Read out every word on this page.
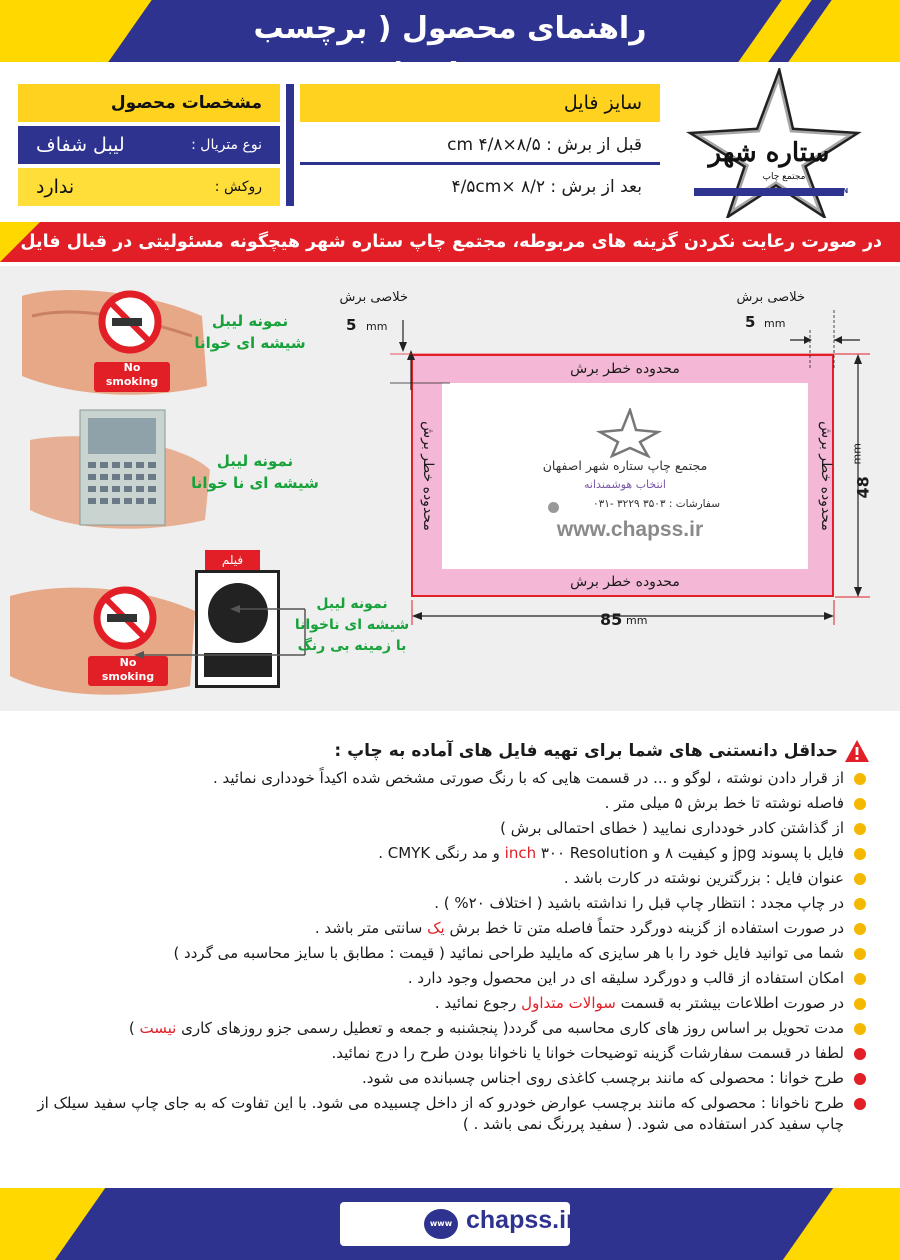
راهنمای محصول ( برچسب
مشخصات محصول
نوع متریال :
لیبل شفاف
روکش :
ندارد
سایز فایل
قبل از برش : ۸/۵×۴/۸ cm
بعد از برش : ۸/۲ ×۴/۵cm
ستاره شهر
مجتمع چاپ
ISFAHAN
در صورت رعایت نکردن گزینه های مربوطه، مجتمع چاپ ستاره شهر هیچگونه مسئولیتی در قبال فایل
No
smoking
نمونه لیبل
شیشه ای خوانا
نمونه لیبل
شیشه ای نا خوانا
No
smoking
فیلم
نمونه لیبل
شیشه ای ناخوانا
با زمینه بی رنگ
محدوده خطر برش
محدوده خطر برش
محدوده خطر برش	محدوده خطر برش
مجتمع چاپ ستاره شهر اصفهان
انتخاب هوشمندانه
سفارشات : ۳۵۰۳ ۳۲۲۹ -۰۳۱
www.chapss.ir
خلاصی برش
5 mm
خلاصی برش
5 mm
85 mm
48
mm
حداقل دانستنی های شما برای تهیه فایل های آماده به چاپ :
از قرار دادن نوشته ، لوگو و ... در قسمت هایی که با رنگ صورتی مشخص شده اکیداً خودداری نمائید .
فاصله نوشته تا خط برش ۵ میلی متر .
از گذاشتن کادر خودداری نمایید ( خطای احتمالی برش )
فایل با پسوند jpg و کیفیت ۸ و inch ۳۰۰ Resolution و مد رنگی CMYK .
عنوان فایل : بزرگترین نوشته در کارت باشد .
در چاپ مجدد : انتظار چاپ قبل را نداشته باشید ( اختلاف ۲۰% ) .
در صورت استفاده از گزینه دورگرد حتماً فاصله متن تا خط برش یک سانتی متر باشد .
شما می توانید فایل خود را با هر سایزی که مایلید طراحی نمائید ( قیمت : مطابق با سایز محاسبه می گردد )
امکان استفاده از قالب و دورگرد سلیقه ای در این محصول وجود دارد .
در صورت اطلاعات بیشتر به قسمت سوالات متداول رجوع نمائید .
مدت تحویل بر اساس روز های کاری محاسبه می گردد( پنجشنبه و جمعه و تعطیل رسمی جزو روزهای کاری نیست )
لطفا در قسمت سفارشات گزینه توضیحات خوانا یا ناخوانا بودن طرح را درج نمائید.
طرح خوانا : محصولی که مانند برچسب کاغذی روی اجناس چسبانده می شود.
طرح ناخوانا : محصولی که مانند برچسب عوارض خودرو که از داخل چسبیده می شود. با این تفاوت که به جای چاپ سفید سیلک از چاپ سفید کدر استفاده می شود. ( سفید پررنگ نمی باشد . )
www chapss.ir
